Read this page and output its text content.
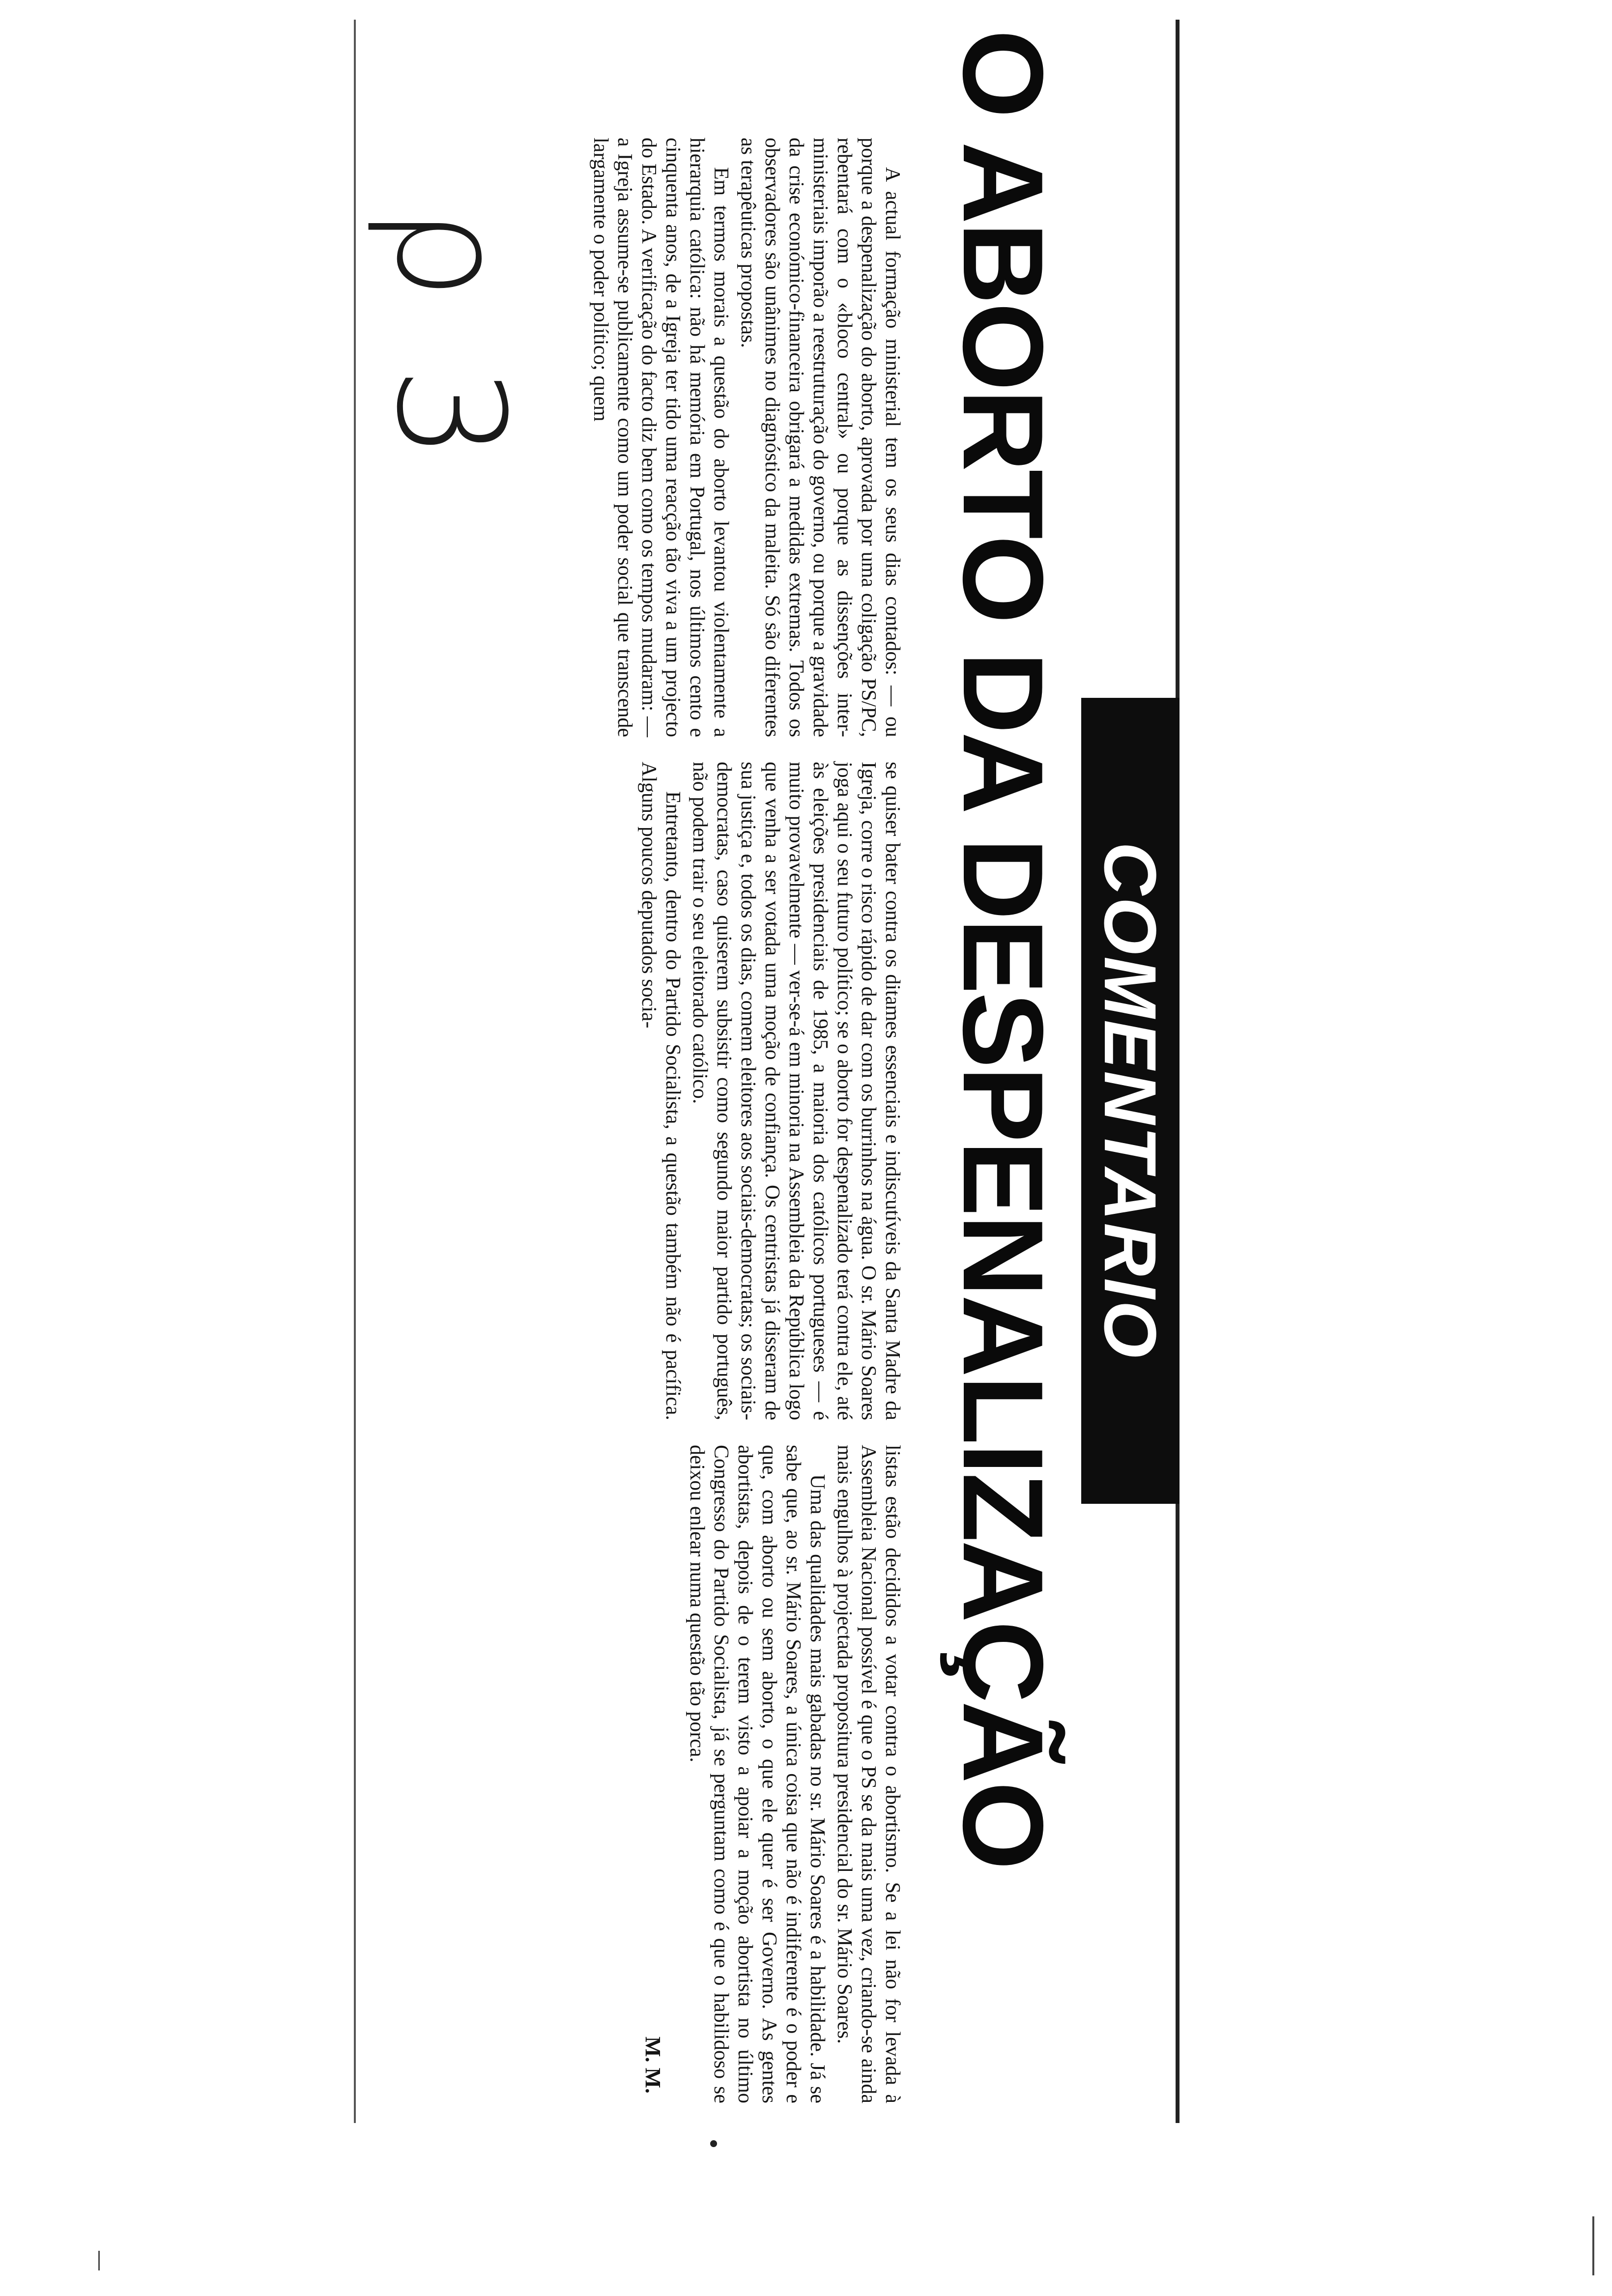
ρ 3
COMENTARIO
O ABORTO DA DESPENALIZAÇÃO

A actual formação ministerial tem os seus dias contados: — ou porque a despenalização do aborto, aprovada por uma coligação PS/PC, rebentará com o «bloco central» ou porque as dissenções inter-ministeriais imporão a reestruturação do governo, ou porque a gravidade da crise económico-financeira obrigará a medidas extremas. Todos os observadores são unânimes no diagnóstico da maleita. Só são diferentes as terapêuticas propostas.

Em termos morais a questão do aborto levantou violentamente a hierarquia católica: não há memória em Portugal, nos últimos cento e cinquenta anos, de a Igreja ter tido uma reacção tão viva a um projecto do Estado. A verificação do facto diz bem como os tempos mudaram: — a Igreja assume-se publicamente como um poder social que transcende largamente o poder político; quem

se quiser bater contra os ditames essenciais e indiscutíveis da Santa Madre da Igreja, corre o risco rápido de dar com os burrinhos na água. O sr. Mário Soares joga aqui o seu futuro político; se o aborto for despenalizado terá contra ele, até às eleições presidenciais de 1985, a maioria dos católicos portugueses — é muito provavelmente — ver-se-á em minoria na Assembleia da República logo que venha a ser votada uma moção de confiança. Os centristas já disseram de sua justiça e, todos os dias, comem eleitores aos sociais-democratas; os sociais-democratas, caso quiserem subsistir como segundo maior partido português, não podem trair o seu eleitorado católico.

Entretanto, dentro do Partido Socialista, a questão também não é pacífica. Alguns poucos deputados socia-

listas estão decididos a votar contra o abortismo. Se a lei não for levada à Assembleia Nacional possível é que o PS se da mais uma vez, criando-se ainda mais engulhos à projectada propositura presidencial do sr. Mário Soares.

Uma das qualidades mais gabadas no sr. Mário Soares é a habilidade. Já se sabe que, ao sr. Mário Soares, a única coisa que não é indiferente é o poder e que, com aborto ou sem aborto, o que ele quer é ser Governo. As gentes abortistas, depois de o terem visto a apoiar a moção abortista no último Congresso do Partido Socialista, já se perguntam como é que o habilidoso se deixou enlear numa questão tão porca.

M. M.
